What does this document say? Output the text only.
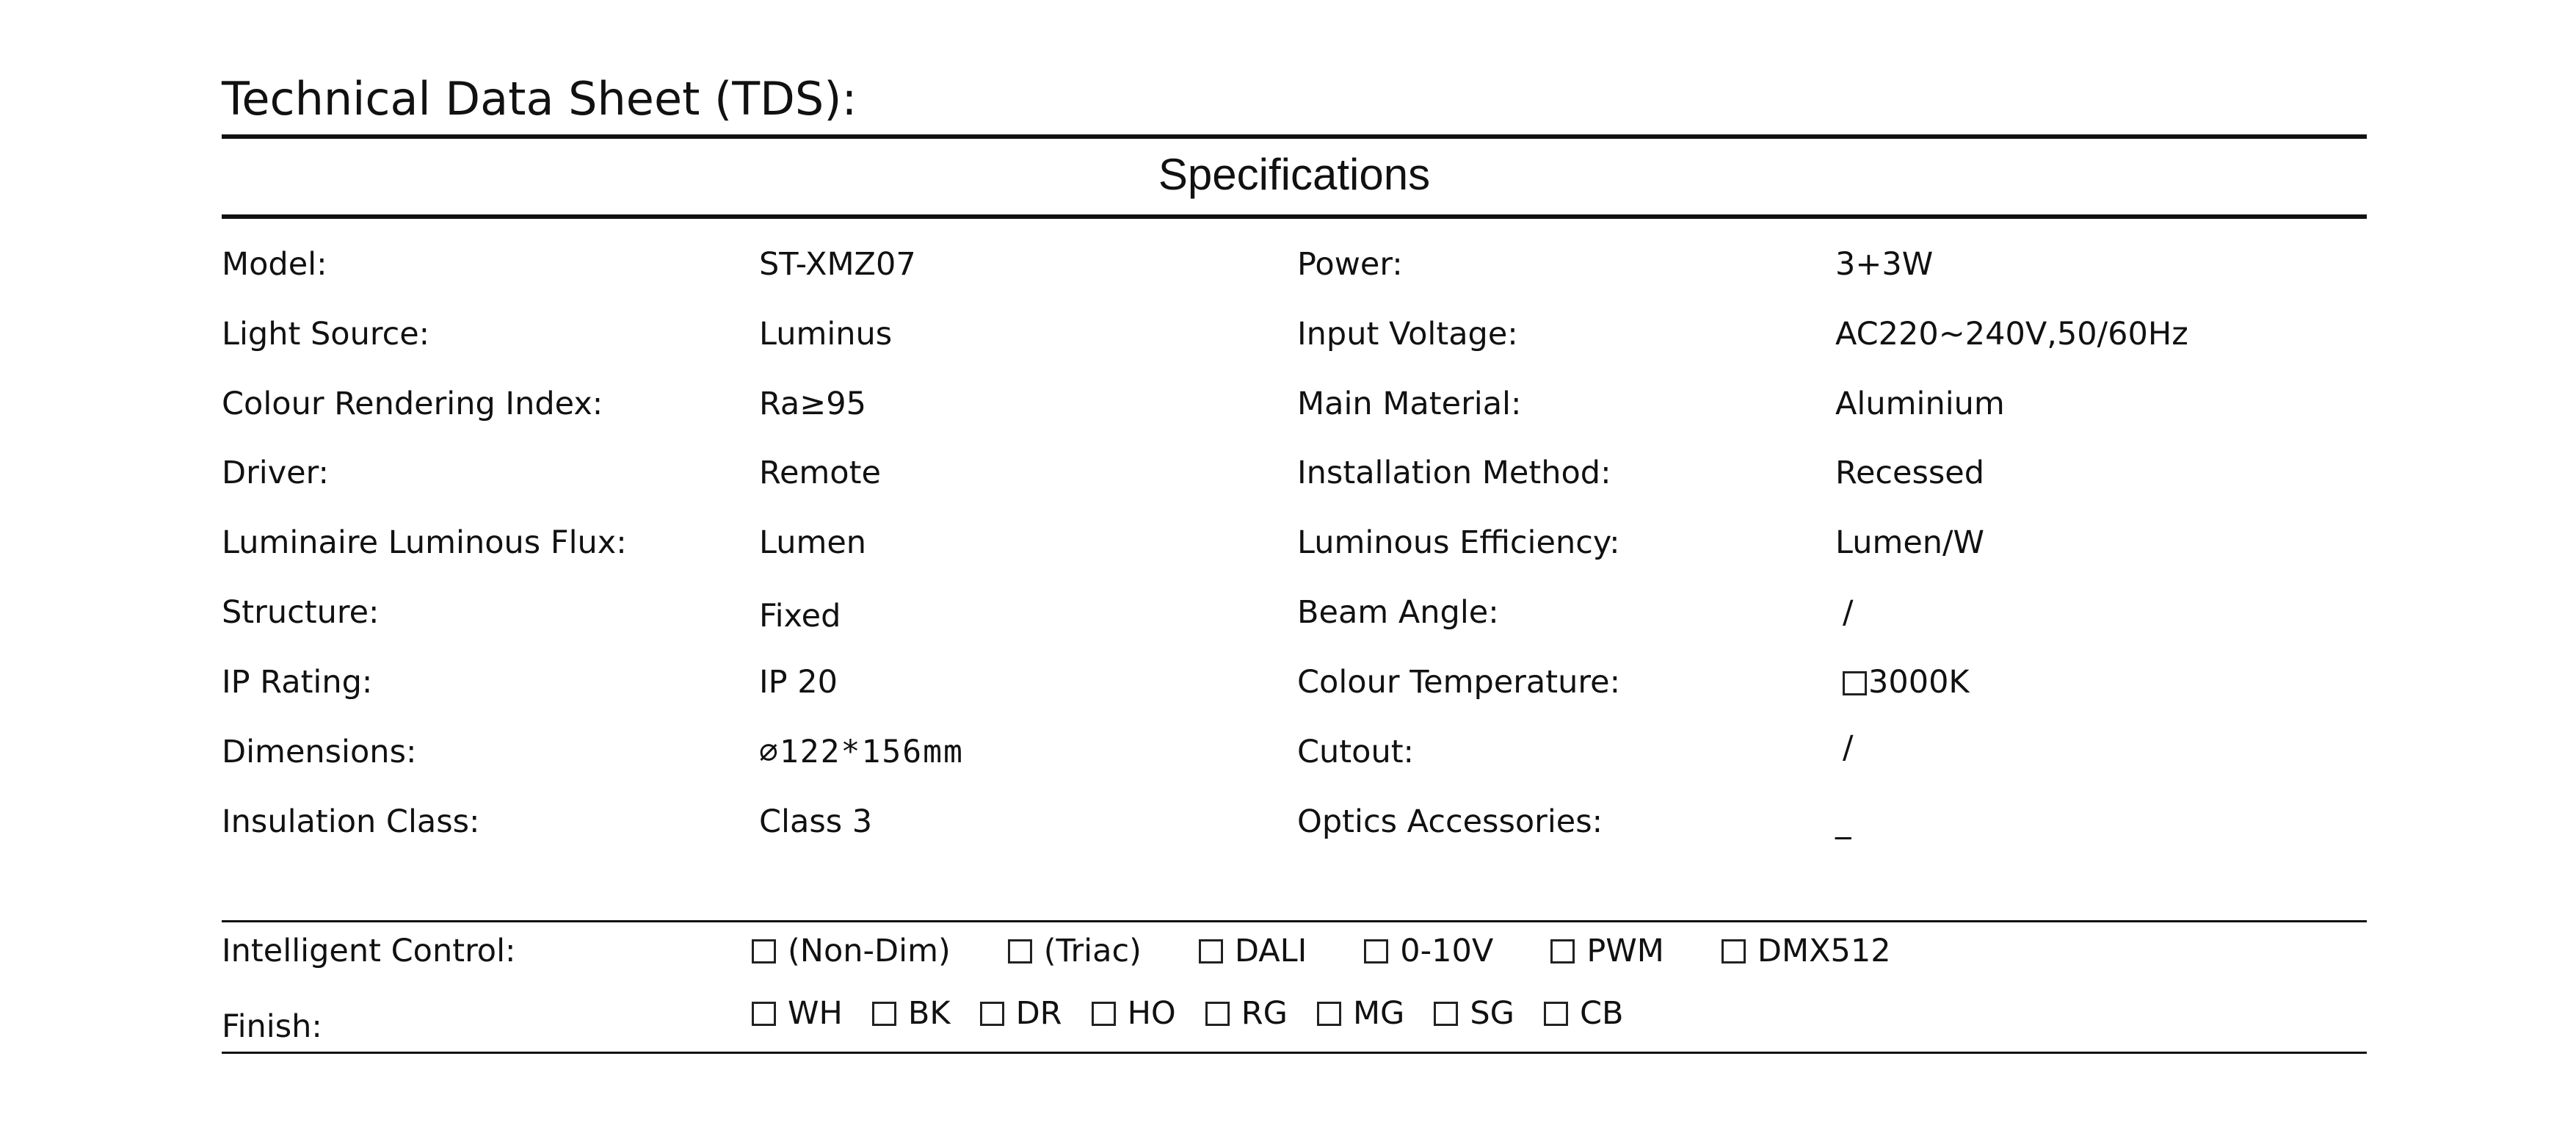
Technical Data Sheet (TDS):
Specifications
Model:	ST-XMZ07	Power:	3+3W
Light Source:	Luminus	Input Voltage:	AC220~240V,50/60Hz
Colour Rendering Index:	Ra≥95	Main Material:	Aluminium
Driver:	Remote	Installation Method:	Recessed
Luminaire Luminous Flux:	Lumen	Luminous Efficiency:	Lumen/W
Structure:	Fixed	Beam Angle:	/
IP Rating:	IP 20	Colour Temperature:	3000K
Dimensions:	∅122*156mm	Cutout:	/
Insulation Class:	Class 3	Optics Accessories:	_
Intelligent Control:	(Non-Dim)	(Triac)	DALI	0-10V	PWM	DMX512
Finish:	WH BK DR HO RG MG SG CB
